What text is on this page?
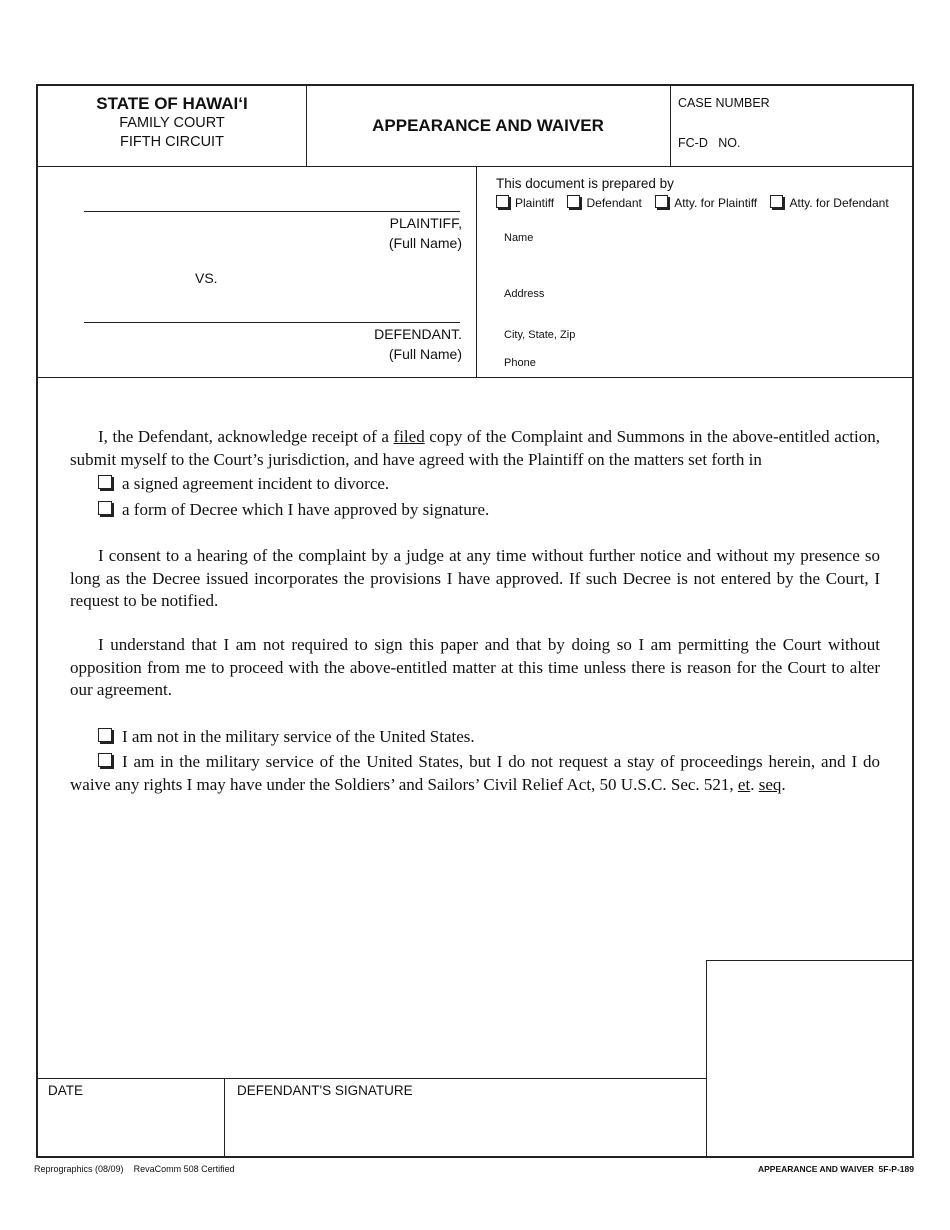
STATE OF HAWAI‘I
FAMILY COURT
FIFTH CIRCUIT
APPEARANCE AND WAIVER
CASE NUMBER
FC-D NO.
PLAINTIFF,
(Full Name)
VS.
DEFENDANT.
(Full Name)
This document is prepared by
Plaintiff	Defendant	Atty. for Plaintiff	Atty. for Defendant
Name
Address
City, State, Zip
Phone
I, the Defendant, acknowledge receipt of a filed copy of the Complaint and Summons in the above-entitled action, submit myself to the Court’s jurisdiction, and have agreed with the Plaintiff on the matters set forth in
a signed agreement incident to divorce.
a form of Decree which I have approved by signature.
I consent to a hearing of the complaint by a judge at any time without further notice and without my presence so long as the Decree issued incorporates the provisions I have approved. If such Decree is not entered by the Court, I request to be notified.
I understand that I am not required to sign this paper and that by doing so I am permitting the Court without opposition from me to proceed with the above-entitled matter at this time unless there is reason for the Court to alter our agreement.
I am not in the military service of the United States.
I am in the military service of the United States, but I do not request a stay of proceedings herein, and I do waive any rights I may have under the Soldiers’ and Sailors’ Civil Relief Act, 50 U.S.C. Sec. 521, et. seq.
DATE	DEFENDANT'S SIGNATURE
Reprographics (08/09) RevaComm 508 Certified	APPEARANCE AND WAIVER  5F-P-189
